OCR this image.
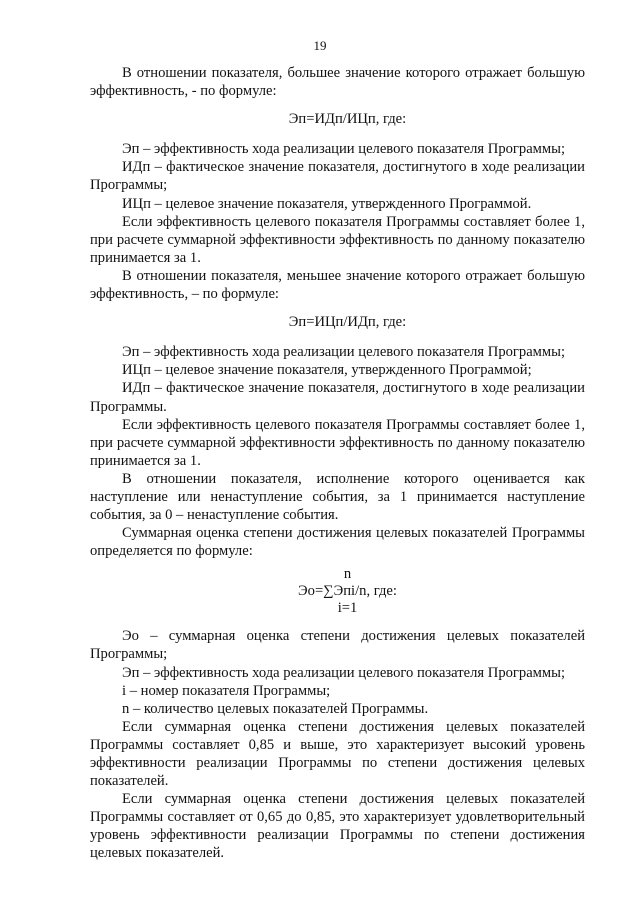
19

В отношении показателя, большее значение которого отражает большую эффективность, - по формуле:

Эп=ИДп/ИЦп, где:

Эп – эффективность хода реализации целевого показателя Программы;

ИДп – фактическое значение показателя, достигнутого в ходе реализации Программы;

ИЦп – целевое значение показателя, утвержденного Программой.

Если эффективность целевого показателя Программы составляет более 1, при расчете суммарной эффективности эффективность по данному показателю принимается за 1.

В отношении показателя, меньшее значение которого отражает большую эффективность, – по формуле:

Эп=ИЦп/ИДп, где:

Эп – эффективность хода реализации целевого показателя Программы;

ИЦп – целевое значение показателя, утвержденного Программой;

ИДп – фактическое значение показателя, достигнутого в ходе реализации Программы.

Если эффективность целевого показателя Программы составляет более 1, при расчете суммарной эффективности эффективность по данному показателю принимается за 1.

В отношении показателя, исполнение которого оценивается как наступление или ненаступление события, за 1 принимается наступление события, за 0 – ненаступление события.

Суммарная оценка степени достижения целевых показателей Программы определяется по формуле:

n
Эо=∑Эпi/n, где:
i=1

Эо – суммарная оценка степени достижения целевых показателей Программы;

Эп – эффективность хода реализации целевого показателя Программы;

i – номер показателя Программы;

n – количество целевых показателей Программы.

Если суммарная оценка степени достижения целевых показателей Программы составляет 0,85 и выше, это характеризует высокий уровень эффективности реализации Программы по степени достижения целевых показателей.

Если суммарная оценка степени достижения целевых показателей Программы составляет от 0,65 до 0,85, это характеризует удовлетворительный уровень эффективности реализации Программы по степени достижения целевых показателей.
